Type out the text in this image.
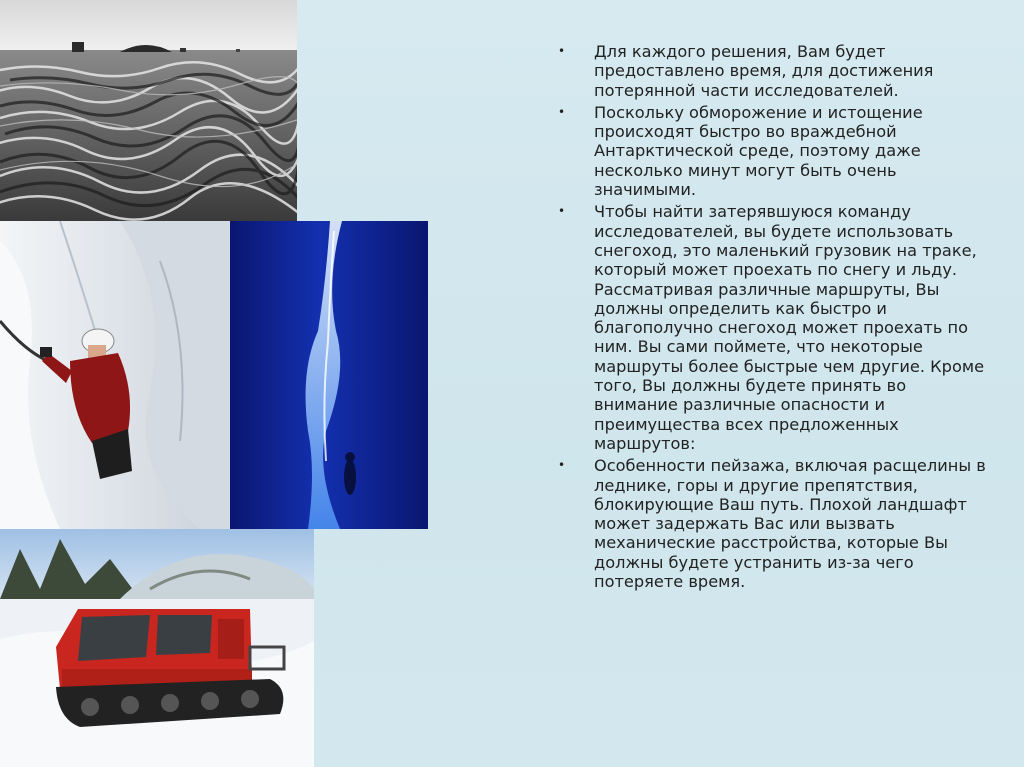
• Для каждого решения, Вам будет предоставлено время, для достижения потерянной части исследователей.
• Поскольку обморожение и истощение происходят быстро во враждебной Антарктической среде, поэтому даже несколько минут могут быть очень значимыми.
• Чтобы найти затерявшуюся команду исследователей, вы будете использовать снегоход, это маленький грузовик на траке, который может проехать по снегу и льду. Рассматривая различные маршруты, Вы должны определить как быстро и благополучно снегоход может проехать по ним. Вы сами поймете, что некоторые маршруты более быстрые чем другие. Кроме того, Вы должны будете принять во внимание различные опасности и преимущества всех предложенных маршрутов:
• Особенности пейзажа, включая расщелины в леднике, горы и другие препятствия, блокирующие Ваш путь. Плохой ландшафт может задержать Вас или вызвать механические расстройства, которые Вы должны будете устранить из-за чего потеряете время.
